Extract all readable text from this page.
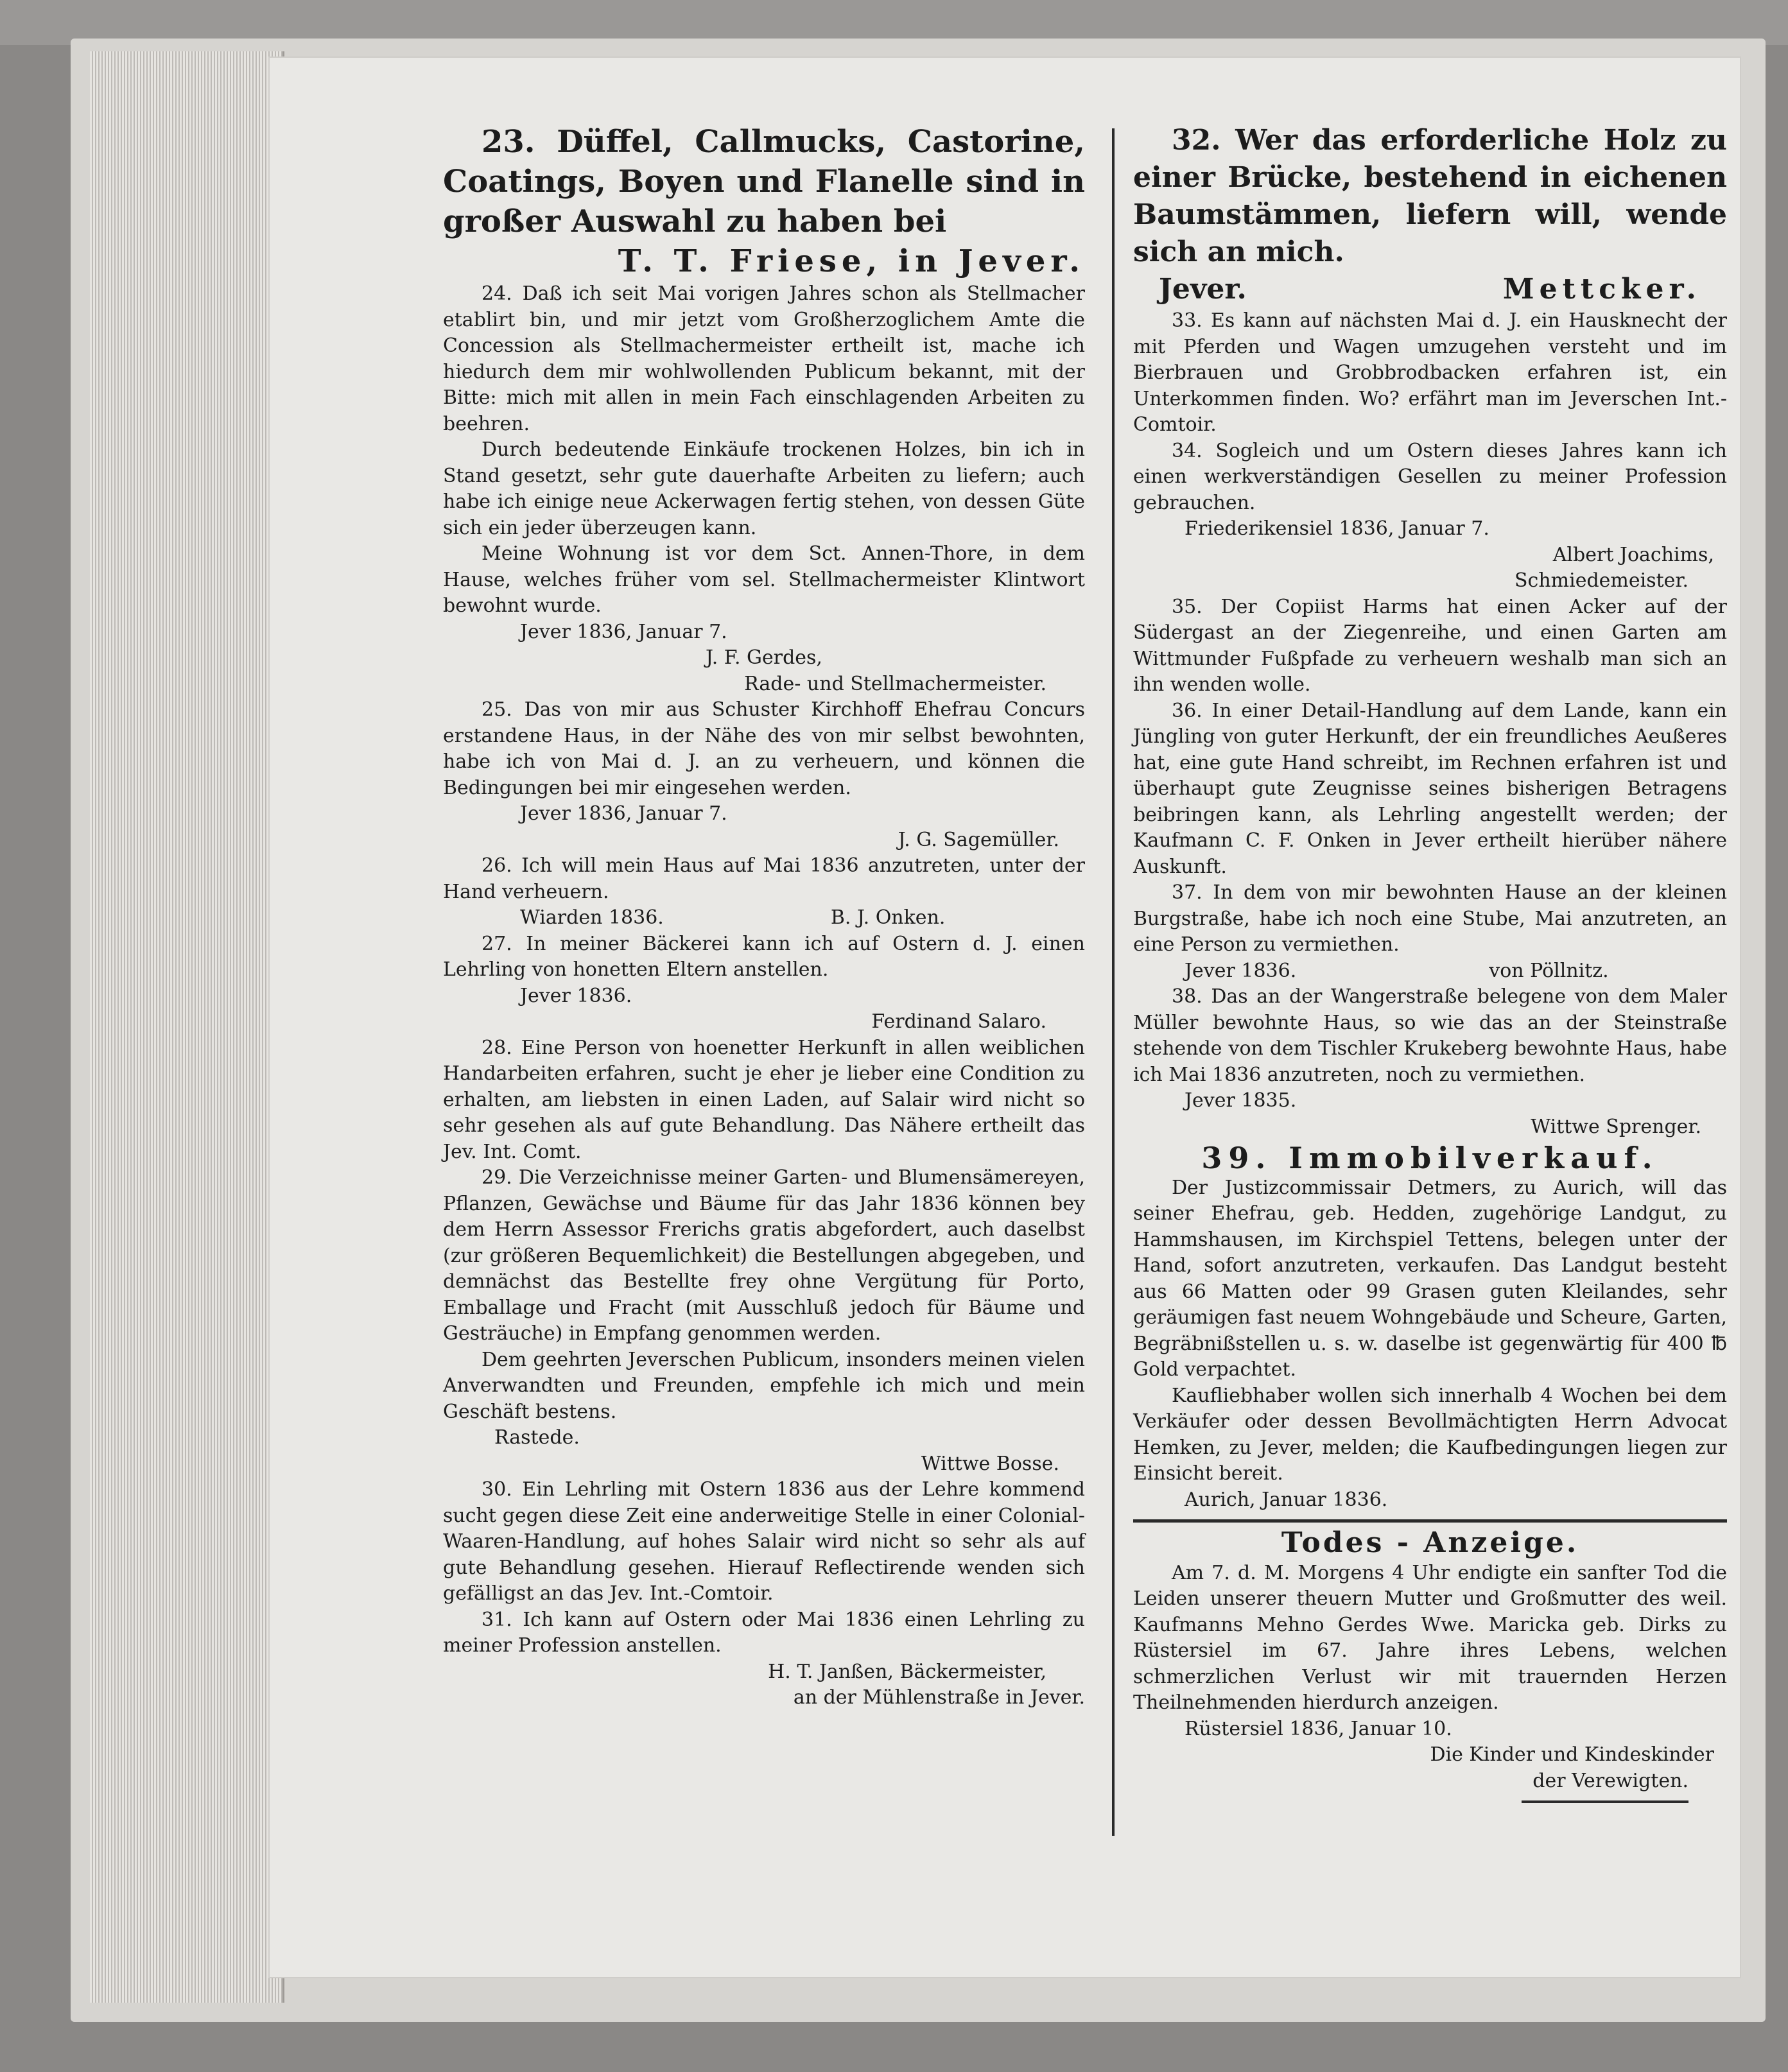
23. Düffel, Callmucks, Castorine, Coatings, Boyen und Flanelle sind in großer Auswahl zu haben bei
T. T. Friese, in Jever.

24. Daß ich seit Mai vorigen Jahres schon als Stellmacher etablirt bin, und mir jetzt vom Großherzoglichem Amte die Concession als Stellmachermeister ertheilt ist, mache ich hiedurch dem mir wohlwollenden Publicum bekannt, mit der Bitte: mich mit allen in mein Fach einschlagenden Arbeiten zu beehren.

Durch bedeutende Einkäufe trockenen Holzes, bin ich in Stand gesetzt, sehr gute dauerhafte Arbeiten zu liefern; auch habe ich einige neue Ackerwagen fertig stehen, von dessen Güte sich ein jeder überzeugen kann.

Meine Wohnung ist vor dem Sct. Annen-Thore, in dem Hause, welches früher vom sel. Stellmachermeister Klintwort bewohnt wurde.

Jever 1836, Januar 7.

J. F. Gerdes,

Rade- und Stellmachermeister.

25. Das von mir aus Schuster Kirchhoff Ehefrau Concurs erstandene Haus, in der Nähe des von mir selbst bewohnten, habe ich von Mai d. J. an zu verheuern, und können die Bedingungen bei mir eingesehen werden.

Jever 1836, Januar 7.

J. G. Sagemüller.

26. Ich will mein Haus auf Mai 1836 anzutreten, unter der Hand verheuern.

Wiarden 1836.	B. J. Onken.

27. In meiner Bäckerei kann ich auf Ostern d. J. einen Lehrling von honetten Eltern anstellen.

Jever 1836.

Ferdinand Salaro.

28. Eine Person von hoenetter Herkunft in allen weiblichen Handarbeiten erfahren, sucht je eher je lieber eine Condition zu erhalten, am liebsten in einen Laden, auf Salair wird nicht so sehr gesehen als auf gute Behandlung. Das Nähere ertheilt das Jev. Int. Comt.

29. Die Verzeichnisse meiner Garten- und Blumensämereyen, Pflanzen, Gewächse und Bäume für das Jahr 1836 können bey dem Herrn Assessor Frerichs gratis abgefordert, auch daselbst (zur größeren Bequemlichkeit) die Bestellungen abgegeben, und demnächst das Bestellte frey ohne Vergütung für Porto, Emballage und Fracht (mit Ausschluß jedoch für Bäume und Gesträuche) in Empfang genommen werden.

Dem geehrten Jeverschen Publicum, insonders meinen vielen Anverwandten und Freunden, empfehle ich mich und mein Geschäft bestens.

Rastede.

Wittwe Bosse.

30. Ein Lehrling mit Ostern 1836 aus der Lehre kommend sucht gegen diese Zeit eine anderweitige Stelle in einer Colonial-Waaren-Handlung, auf hohes Salair wird nicht so sehr als auf gute Behandlung gesehen. Hierauf Reflectirende wenden sich gefälligst an das Jev. Int.-Comtoir.

31. Ich kann auf Ostern oder Mai 1836 einen Lehrling zu meiner Profession anstellen.

H. T. Janßen, Bäckermeister,

an der Mühlenstraße in Jever.

32. Wer das erforderliche Holz zu einer Brücke, bestehend in eichenen Baumstämmen, liefern will, wende sich an mich.

Jever.	Mettcker.

33. Es kann auf nächsten Mai d. J. ein Hausknecht der mit Pferden und Wagen umzugehen versteht und im Bierbrauen und Grobbrodbacken erfahren ist, ein Unterkommen finden. Wo? erfährt man im Jeverschen Int.-Comtoir.

34. Sogleich und um Ostern dieses Jahres kann ich einen werkverständigen Gesellen zu meiner Profession gebrauchen.

Friederikensiel 1836, Januar 7.

Albert Joachims,

Schmiedemeister.

35. Der Copiist Harms hat einen Acker auf der Südergast an der Ziegenreihe, und einen Garten am Wittmunder Fußpfade zu verheuern weshalb man sich an ihn wenden wolle.

36. In einer Detail-Handlung auf dem Lande, kann ein Jüngling von guter Herkunft, der ein freundliches Aeußeres hat, eine gute Hand schreibt, im Rechnen erfahren ist und überhaupt gute Zeugnisse seines bisherigen Betragens beibringen kann, als Lehrling angestellt werden; der Kaufmann C. F. Onken in Jever ertheilt hierüber nähere Auskunft.

37. In dem von mir bewohnten Hause an der kleinen Burgstraße, habe ich noch eine Stube, Mai anzutreten, an eine Person zu vermiethen.

Jever 1836.	von Pöllnitz.

38. Das an der Wangerstraße belegene von dem Maler Müller bewohnte Haus, so wie das an der Steinstraße stehende von dem Tischler Krukeberg bewohnte Haus, habe ich Mai 1836 anzutreten, noch zu vermiethen.

Jever 1835.

Wittwe Sprenger.

39. Immobilverkauf.

Der Justizcommissair Detmers, zu Aurich, will das seiner Ehefrau, geb. Hedden, zugehörige Landgut, zu Hammshausen, im Kirchspiel Tettens, belegen unter der Hand, sofort anzutreten, verkaufen. Das Landgut besteht aus 66 Matten oder 99 Grasen guten Kleilandes, sehr geräumigen fast neuem Wohngebäude und Scheure, Garten, Begräbnißstellen u. s. w. daselbe ist gegenwärtig für 400 ℔ Gold verpachtet.

Kaufliebhaber wollen sich innerhalb 4 Wochen bei dem Verkäufer oder dessen Bevollmächtigten Herrn Advocat Hemken, zu Jever, melden; die Kaufbedingungen liegen zur Einsicht bereit.

Aurich, Januar 1836.

Todes - Anzeige.

Am 7. d. M. Morgens 4 Uhr endigte ein sanfter Tod die Leiden unserer theuern Mutter und Großmutter des weil. Kaufmanns Mehno Gerdes Wwe. Maricka geb. Dirks zu Rüstersiel im 67. Jahre ihres Lebens, welchen schmerzlichen Verlust wir mit trauernden Herzen Theilnehmenden hierdurch anzeigen.

Rüstersiel 1836, Januar 10.

Die Kinder und Kindeskinder

der Verewigten.
